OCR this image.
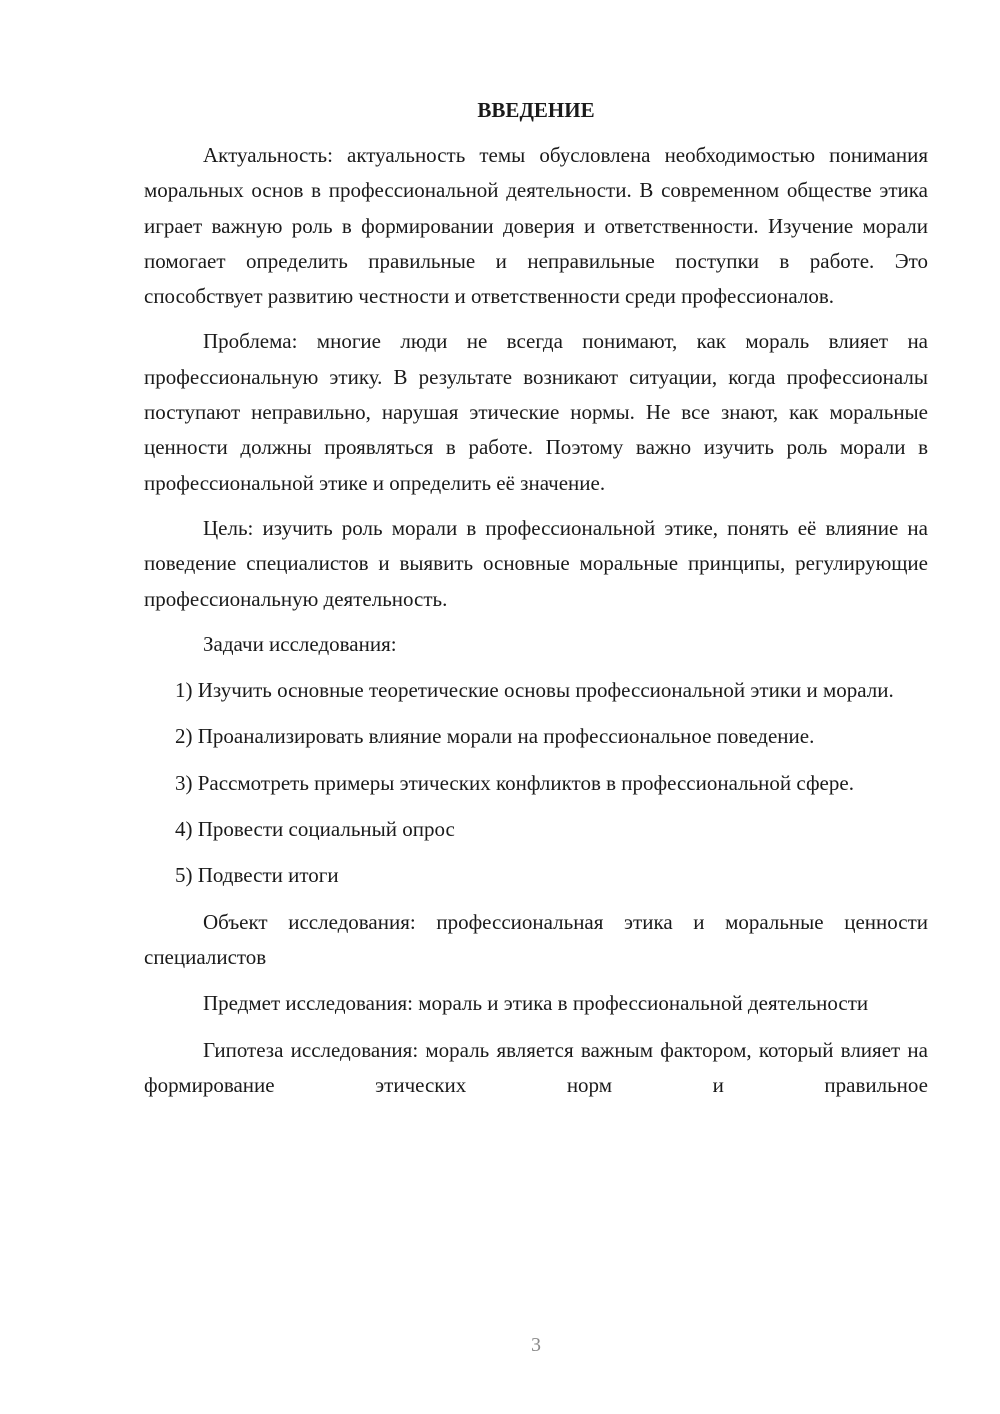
ВВЕДЕНИЕ

Актуальность: актуальность темы обусловлена необходимостью понимания моральных основ в профессиональной деятельности. В современном обществе этика играет важную роль в формировании доверия и ответственности. Изучение морали помогает определить правильные и неправильные поступки в работе. Это способствует развитию честности и ответственности среди профессионалов.

Проблема: многие люди не всегда понимают, как мораль влияет на профессиональную этику. В результате возникают ситуации, когда профессионалы поступают неправильно, нарушая этические нормы. Не все знают, как моральные ценности должны проявляться в работе. Поэтому важно изучить роль морали в профессиональной этике и определить её значение.

Цель: изучить роль морали в профессиональной этике, понять её влияние на поведение специалистов и выявить основные моральные принципы, регулирующие профессиональную деятельность.

Задачи исследования:

1) Изучить основные теоретические основы профессиональной этики и морали.

2) Проанализировать влияние морали на профессиональное поведение.

3) Рассмотреть примеры этических конфликтов в профессиональной сфере.

4) Провести социальный опрос

5) Подвести итоги

Объект исследования: профессиональная этика и моральные ценности специалистов

Предмет исследования: мораль и этика в профессиональной деятельности

Гипотеза исследования: мораль является важным фактором, который влияет на формирование этических норм и правильное

3
